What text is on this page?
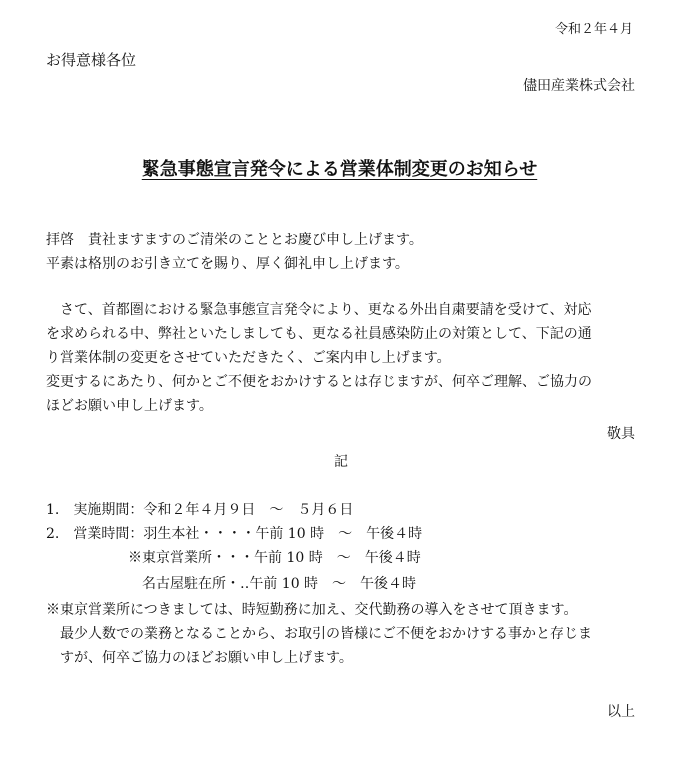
令和２年４月
お得意様各位
儘田産業株式会社
緊急事態宣言発令による営業体制変更のお知らせ

拝啓　貴社ますますのご清栄のこととお慶び申し上げます。

平素は格別のお引き立てを賜り、厚く御礼申し上げます。

　さて、首都圏における緊急事態宣言発令により、更なる外出自粛要請を受けて、対応

を求められる中、弊社といたしましても、更なる社員感染防止の対策として、下記の通

り営業体制の変更をさせていただきたく、ご案内申し上げます。

変更するにあたり、何かとご不便をおかけするとは存じますが、何卒ご理解、ご協力の

ほどお願い申し上げます。

敬具
記
1.　実施期間：令和２年４月９日　～　５月６日
2.　営業時間：羽生本社・・・・午前 10 時　～　午後４時
※東京営業所・・・午前 10 時　～　午後４時
名古屋駐在所・‥午前 10 時　～　午後４時

※東京営業所につきましては、時短勤務に加え、交代勤務の導入をさせて頂きます。

　最少人数での業務となることから、お取引の皆様にご不便をおかけする事かと存じま

　すが、何卒ご協力のほどお願い申し上げます。

以上
